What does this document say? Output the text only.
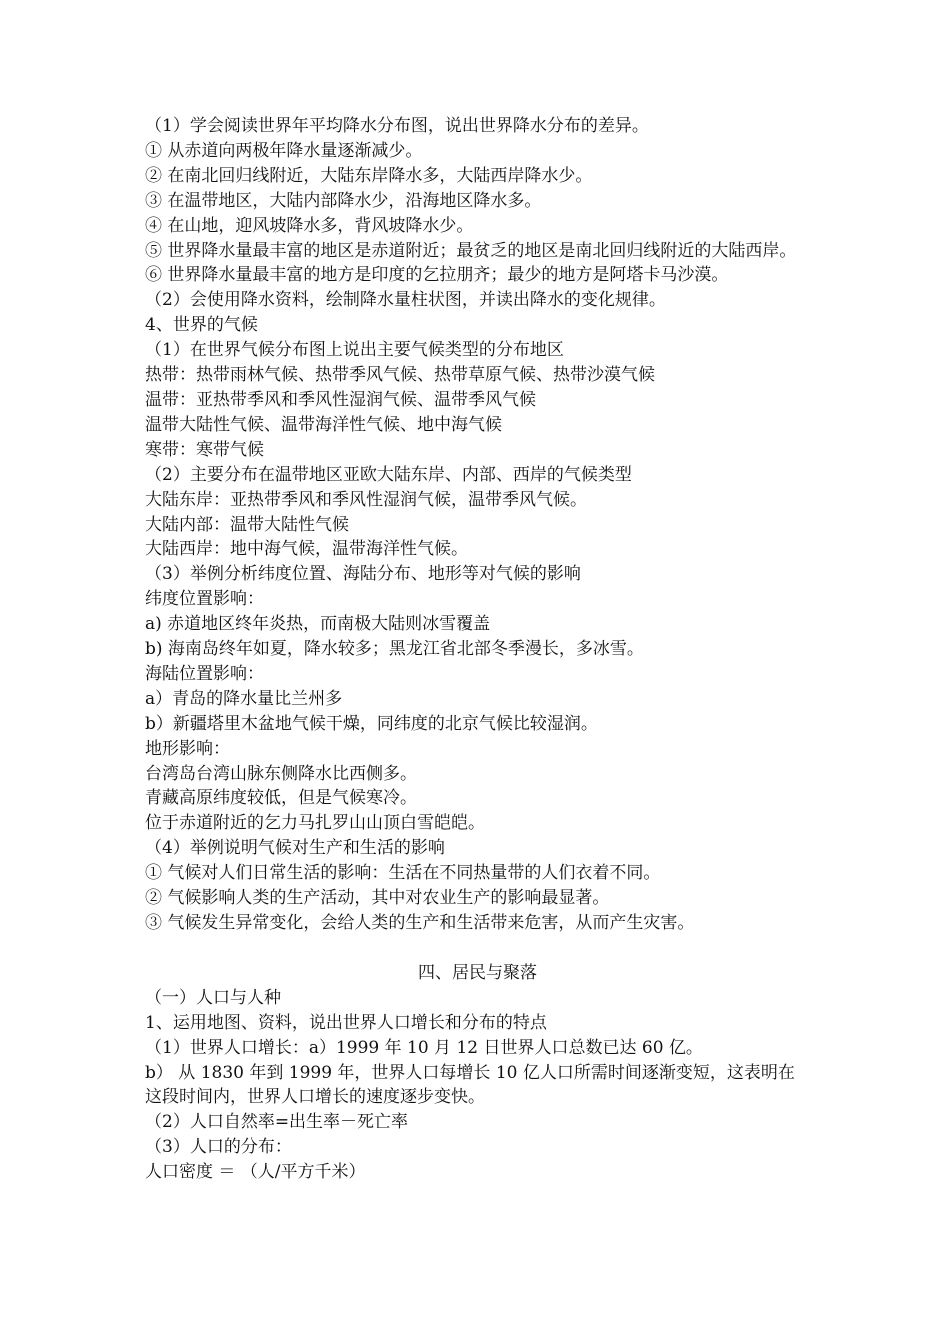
（1）学会阅读世界年平均降水分布图，说出世界降水分布的差异。

① 从赤道向两极年降水量逐渐减少。

② 在南北回归线附近，大陆东岸降水多，大陆西岸降水少。

③ 在温带地区，大陆内部降水少，沿海地区降水多。

④ 在山地，迎风坡降水多，背风坡降水少。

⑤ 世界降水量最丰富的地区是赤道附近；最贫乏的地区是南北回归线附近的大陆西岸。

⑥ 世界降水量最丰富的地方是印度的乞拉朋齐；最少的地方是阿塔卡马沙漠。

（2）会使用降水资料，绘制降水量柱状图，并读出降水的变化规律。

4、世界的气候

（1）在世界气候分布图上说出主要气候类型的分布地区

热带：热带雨林气候、热带季风气候、热带草原气候、热带沙漠气候

温带：亚热带季风和季风性湿润气候、温带季风气候

温带大陆性气候、温带海洋性气候、地中海气候

寒带：寒带气候

（2）主要分布在温带地区亚欧大陆东岸、内部、西岸的气候类型

大陆东岸：亚热带季风和季风性湿润气候，温带季风气候。

大陆内部：温带大陆性气候

大陆西岸：地中海气候，温带海洋性气候。

（3）举例分析纬度位置、海陆分布、地形等对气候的影响

纬度位置影响：

a) 赤道地区终年炎热，而南极大陆则冰雪覆盖

b) 海南岛终年如夏，降水较多；黑龙江省北部冬季漫长，多冰雪。

海陆位置影响：

a）青岛的降水量比兰州多

b）新疆塔里木盆地气候干燥，同纬度的北京气候比较湿润。

地形影响：

台湾岛台湾山脉东侧降水比西侧多。

青藏高原纬度较低，但是气候寒冷。

位于赤道附近的乞力马扎罗山山顶白雪皑皑。

（4）举例说明气候对生产和生活的影响

① 气候对人们日常生活的影响：生活在不同热量带的人们衣着不同。

② 气候影响人类的生产活动，其中对农业生产的影响最显著。

③ 气候发生异常变化，会给人类的生产和生活带来危害，从而产生灾害。

四、居民与聚落

（一）人口与人种

1、运用地图、资料，说出世界人口增长和分布的特点

（1）世界人口增长：a）1999 年 10 月 12 日世界人口总数已达 60 亿。

b） 从 1830 年到 1999 年，世界人口每增长 10 亿人口所需时间逐渐变短，这表明在这段时间内，世界人口增长的速度逐步变快。

（2）人口自然率=出生率－死亡率

（3）人口的分布：

人口密度 ＝ （人/平方千米）
